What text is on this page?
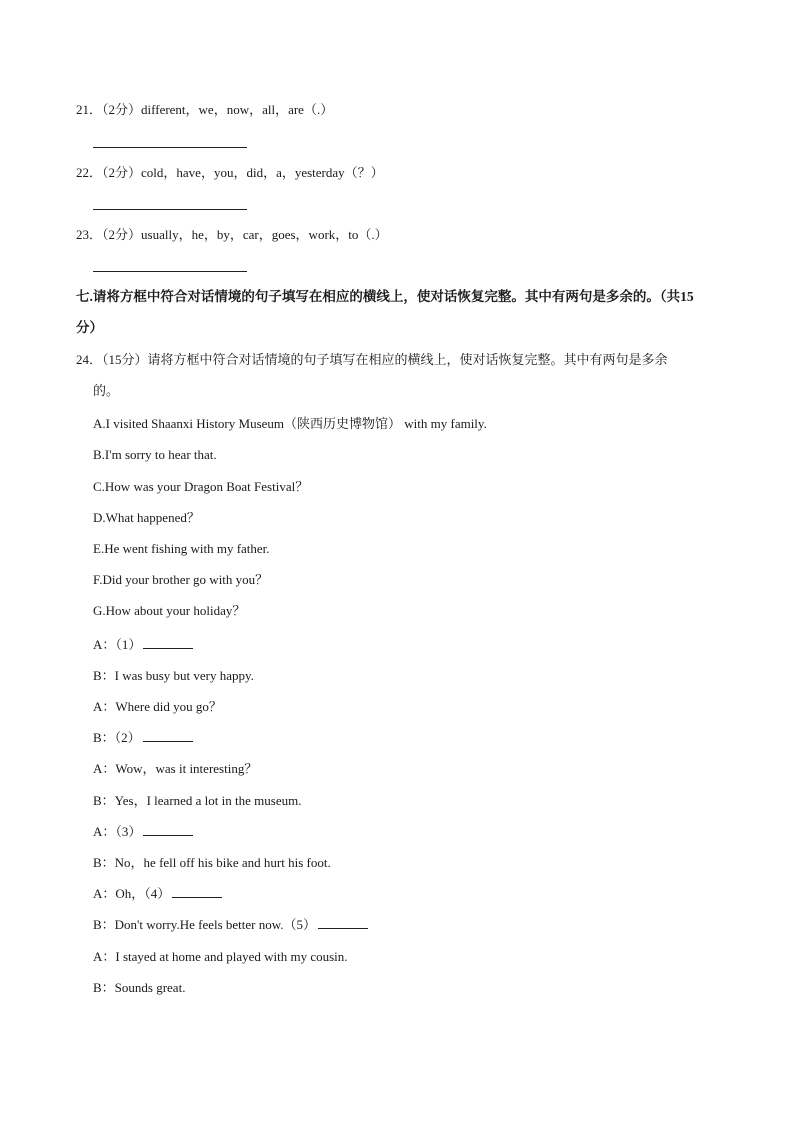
21．（2分）different，we，now，all，are（.）
22．（2分）cold，have，you，did，a，yesterday（？）
23．（2分）usually，he，by，car，goes，work，to（.）
七.请将方框中符合对话情境的句子填写在相应的横线上，使对话恢复完整。其中有两句是多余的。（共15
分）
24．（15分）请将方框中符合对话情境的句子填写在相应的横线上，使对话恢复完整。其中有两句是多余
的。
A.I visited Shaanxi History Museum（陕西历史博物馆） with my family.
B.I'm sorry to hear that.
C.How was your Dragon Boat Festival？
D.What happened？
E.He went fishing with my father.
F.Did your brother go with you？
G.How about your holiday？
A：（1）
B：I was busy but very happy.
A：Where did you go？
B：（2）
A：Wow，was it interesting？
B：Yes，I learned a lot in the museum.
A：（3）
B：No，he fell off his bike and hurt his foot.
A：Oh，（4）
B：Don't worry.He feels better now.（5）
A：I stayed at home and played with my cousin.
B：Sounds great.
